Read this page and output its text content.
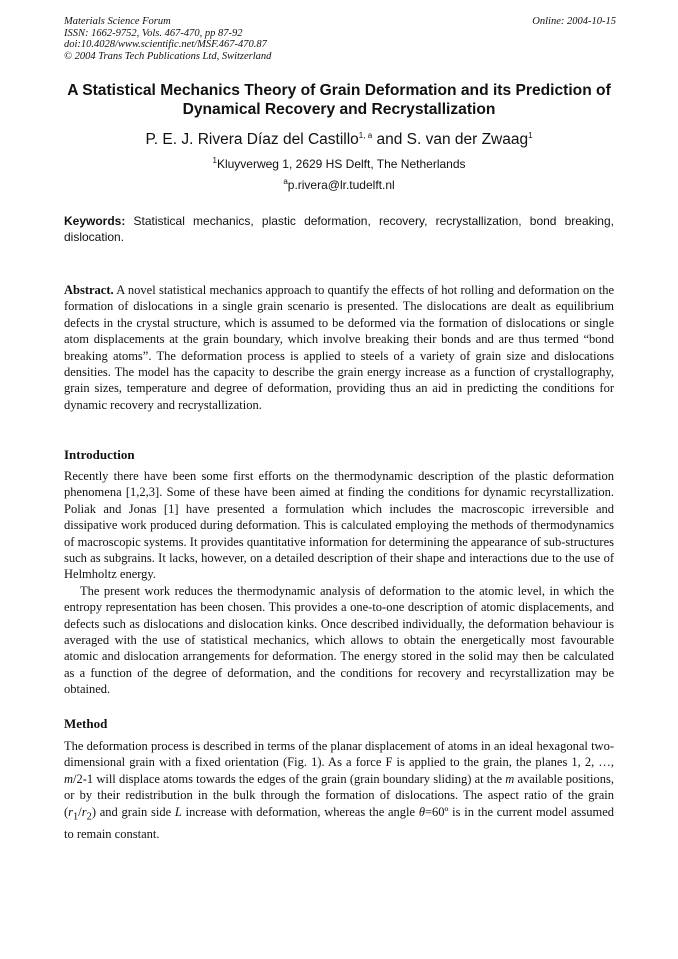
Materials Science Forum
ISSN: 1662-9752, Vols. 467-470, pp 87-92
doi:10.4028/www.scientific.net/MSF.467-470.87
© 2004 Trans Tech Publications Ltd, Switzerland
Online: 2004-10-15
A Statistical Mechanics Theory of Grain Deformation and its Prediction of Dynamical Recovery and Recrystallization
P. E. J. Rivera Díaz del Castillo$^{1, a}$ and S. van der Zwaag$^1$
$^1$Kluyverweg 1, 2629 HS Delft, The Netherlands
$^a$p.rivera@lr.tudelft.nl
Keywords: Statistical mechanics, plastic deformation, recovery, recrystallization, bond breaking, dislocation.
Abstract. A novel statistical mechanics approach to quantify the effects of hot rolling and deformation on the formation of dislocations in a single grain scenario is presented. The dislocations are dealt as equilibrium defects in the crystal structure, which is assumed to be deformed via the formation of dislocations or single atom displacements at the grain boundary, which involve breaking their bonds and are thus termed “bond breaking atoms”. The deformation process is applied to steels of a variety of grain size and dislocations densities. The model has the capacity to describe the grain energy increase as a function of crystallography, grain sizes, temperature and degree of deformation, providing thus an aid in predicting the conditions for dynamic recovery and recrystallization.
Introduction

Recently there have been some first efforts on the thermodynamic description of the plastic deformation phenomena [1,2,3]. Some of these have been aimed at finding the conditions for dynamic recyrstallization. Poliak and Jonas [1] have presented a formulation which includes the macroscopic irreversible and dissipative work produced during deformation. This is calculated employing the methods of thermodynamics of macroscopic systems. It provides quantitative information for determining the appearance of sub-structures such as subgrains. It lacks, however, on a detailed description of their shape and interactions due to the use of Helmholtz energy.

The present work reduces the thermodynamic analysis of deformation to the atomic level, in which the entropy representation has been chosen. This provides a one-to-one description of atomic displacements, and defects such as dislocations and dislocation kinks. Once described individually, the deformation behaviour is averaged with the use of statistical mechanics, which allows to obtain the energetically most favourable atomic and dislocation arrangements for deformation. The energy stored in the solid may then be calculated as a function of the degree of deformation, and the conditions for recovery and recyrstallization may be obtained.

Method
The deformation process is described in terms of the planar displacement of atoms in an ideal hexagonal two-dimensional grain with a fixed orientation (Fig. 1). As a force F is applied to the grain, the planes 1, 2, …, m/2-1 will displace atoms towards the edges of the grain (grain boundary sliding) at the m available positions, or by their redistribution in the bulk through the formation of dislocations. The aspect ratio of the grain $(r_1/r_2)$ and grain side L increase with deformation, whereas the angle θ=60º is in the current model assumed to remain constant.
